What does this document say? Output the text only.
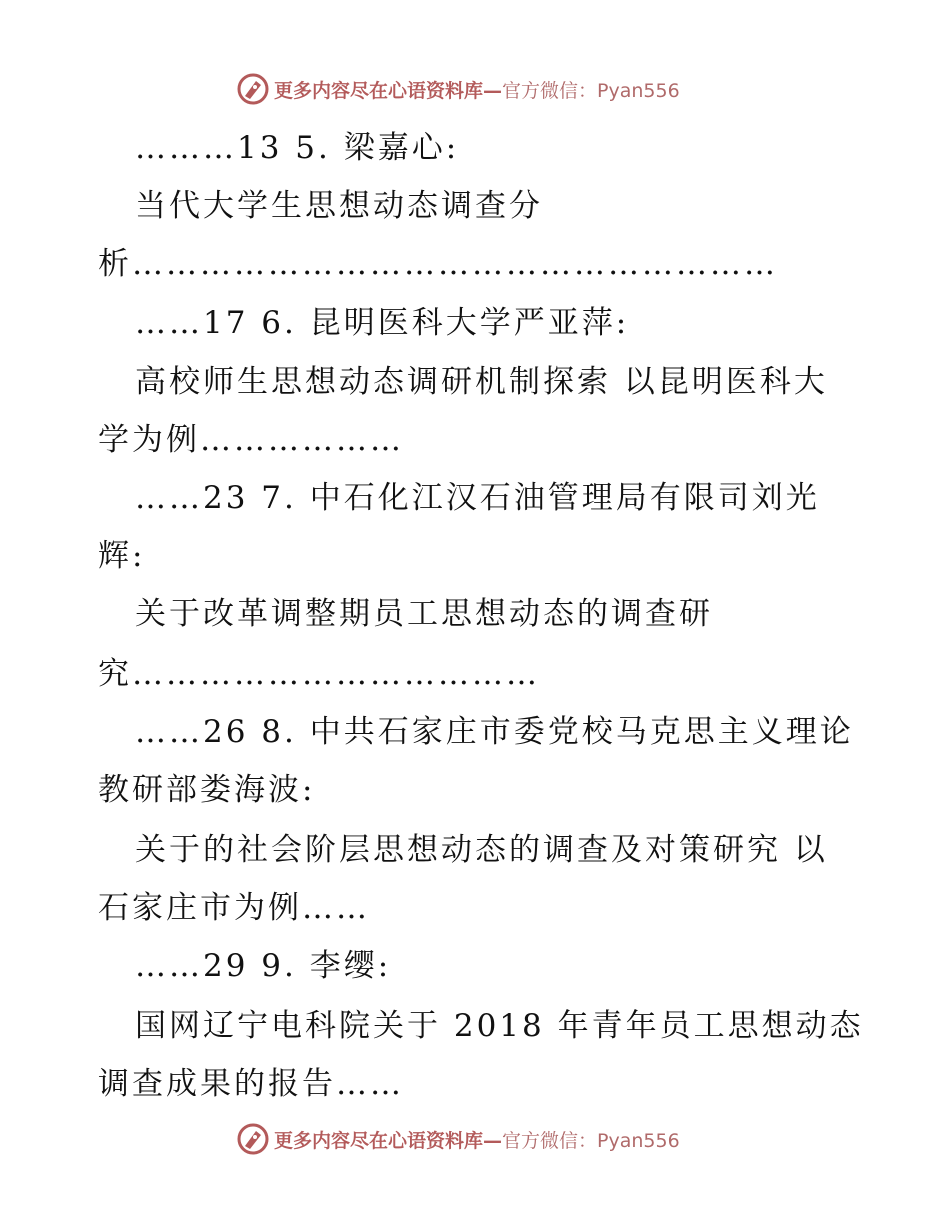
更多内容尽在心语资料库—官方微信：Pyan556
………13 5. 梁嘉心:
当代大学生思想动态调查分
析…………………………………………………
……17 6. 昆明医科大学严亚萍:
高校师生思想动态调研机制探索 以昆明医科大
学为例………………
……23 7. 中石化江汉石油管理局有限司刘光
辉:
关于改革调整期员工思想动态的调查研
究………………………………
……26 8. 中共石家庄市委党校马克思主义理论
教研部娄海波:
关于的社会阶层思想动态的调查及对策研究 以
石家庄市为例……
……29 9. 李缨:
国网辽宁电科院关于 2018 年青年员工思想动态
调查成果的报告……
更多内容尽在心语资料库—官方微信：Pyan556
